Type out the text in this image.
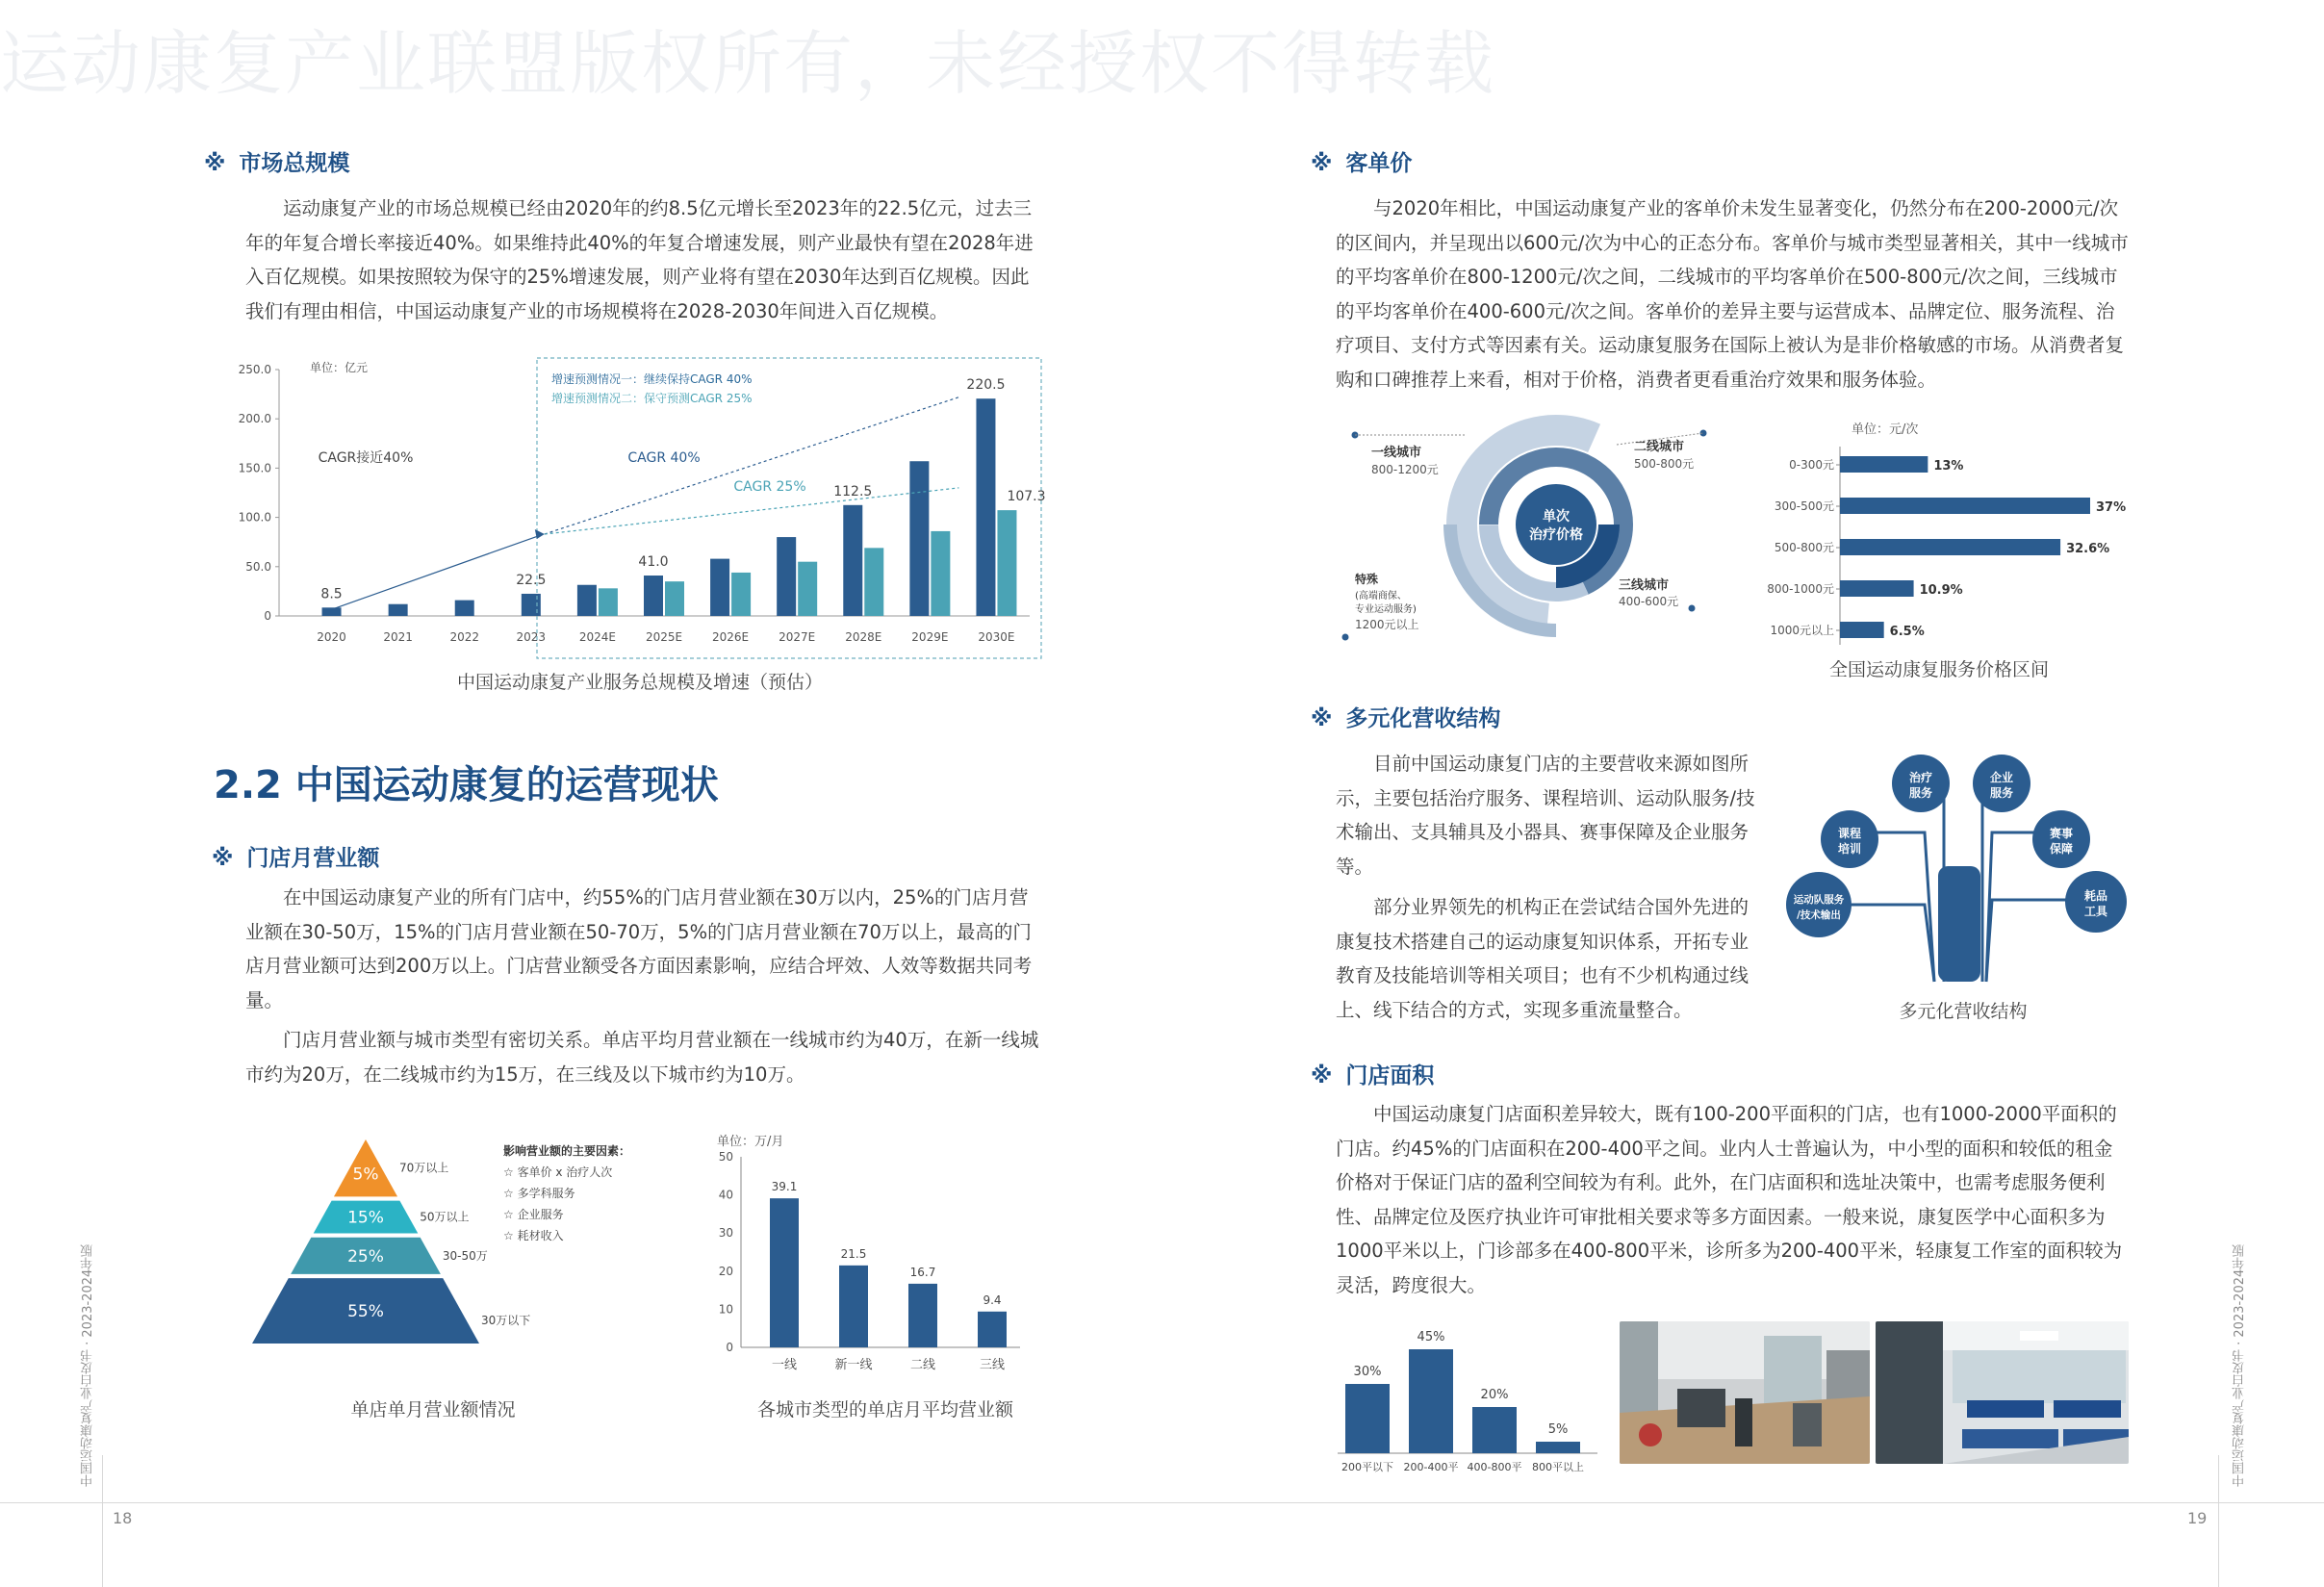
运动康复产业联盟版权所有，未经授权不得转载
※ 市场总规模

运动康复产业的市场总规模已经由2020年的约8.5亿元增长至2023年的22.5亿元，过去三年的年复合增长率接近40%。如果维持此40%的年复合增速发展，则产业最快有望在2028年进入百亿规模。如果按照较为保守的25%增速发展，则产业将有望在2030年达到百亿规模。因此我们有理由相信，中国运动康复产业的市场规模将在2028-2030年间进入百亿规模。

单位：亿元
0
50.0
100.0
150.0
200.0
250.0
2020	2021	2022	2023	2024E	2025E	2026E	2027E	2028E	2029E	2030E
增速预测情况一：继续保持CAGR 40%
增速预测情况二：保守预测CAGR 25%
8.5
22.5
41.0
112.5
220.5
107.3
CAGR接近40%	CAGR 40%
CAGR 25%
中国运动康复产业服务总规模及增速（预估）
2.2 中国运动康复的运营现状
※ 门店月营业额

在中国运动康复产业的所有门店中，约55%的门店月营业额在30万以内，25%的门店月营业额在30-50万，15%的门店月营业额在50-70万，5%的门店月营业额在70万以上，最高的门店月营业额可达到200万以上。门店营业额受各方面因素影响，应结合坪效、人效等数据共同考量。

门店月营业额与城市类型有密切关系。单店平均月营业额在一线城市约为40万，在新一线城市约为20万，在二线城市约为15万，在三线及以下城市约为10万。

5% 70万以上
15%	50万以上
25%	30-50万
55%	30万以下
影响营业额的主要因素：
☆ 客单价 x 治疗人次
☆ 多学科服务
☆ 企业服务
☆ 耗材收入
单店单月营业额情况
单位：万/月
0
10
20
30
40
50
39.1
一线
21.5
新一线
16.7
二线
9.4
三线
各城市类型的单店月平均营业额
中国运动康复产业白皮书 · 2023-2024年版
18	19
※ 客单价

与2020年相比，中国运动康复产业的客单价未发生显著变化，仍然分布在200-2000元/次的区间内，并呈现出以600元/次为中心的正态分布。客单价与城市类型显著相关，其中一线城市的平均客单价在800-1200元/次之间，二线城市的平均客单价在500-800元/次之间，三线城市的平均客单价在400-600元/次之间。客单价的差异主要与运营成本、品牌定位、服务流程、治疗项目、支付方式等因素有关。运动康复服务在国际上被认为是非价格敏感的市场。从消费者复购和口碑推荐上来看，相对于价格，消费者更看重治疗效果和服务体验。

单次
治疗价格
一线城市
800-1200元
二线城市
500-800元
三线城市
400-600元
特殊
(高端商保、
专业运动服务)
1200元以上
单位：元/次
0-300元	13%
300-500元	37%
500-800元	32.6%
800-1000元	10.9%
1000元以上	6.5%
全国运动康复服务价格区间
※ 多元化营收结构

目前中国运动康复门店的主要营收来源如图所示，主要包括治疗服务、课程培训、运动队服务/技术输出、支具辅具及小器具、赛事保障及企业服务等。

部分业界领先的机构正在尝试结合国外先进的康复技术搭建自己的运动康复知识体系，开拓专业教育及技能培训等相关项目；也有不少机构通过线上、线下结合的方式，实现多重流量整合。

治疗
服务
企业
服务
课程
培训
赛事
保障
运动队服务
/技术输出
耗品
工具
多元化营收结构
※ 门店面积

中国运动康复门店面积差异较大，既有100-200平面积的门店，也有1000-2000平面积的门店。约45%的门店面积在200-400平之间。业内人士普遍认为，中小型的面积和较低的租金价格对于保证门店的盈利空间较为有利。此外，在门店面积和选址决策中，也需考虑服务便利性、品牌定位及医疗执业许可审批相关要求等多方面因素。一般来说，康复医学中心面积多为1000平米以上，门诊部多在400-800平米，诊所多为200-400平米，轻康复工作室的面积较为灵活，跨度很大。

30%
200平以下
45%
200-400平
20%
400-800平
5%
800平以上	中国运动康复产业白皮书 · 2023-2024年版
